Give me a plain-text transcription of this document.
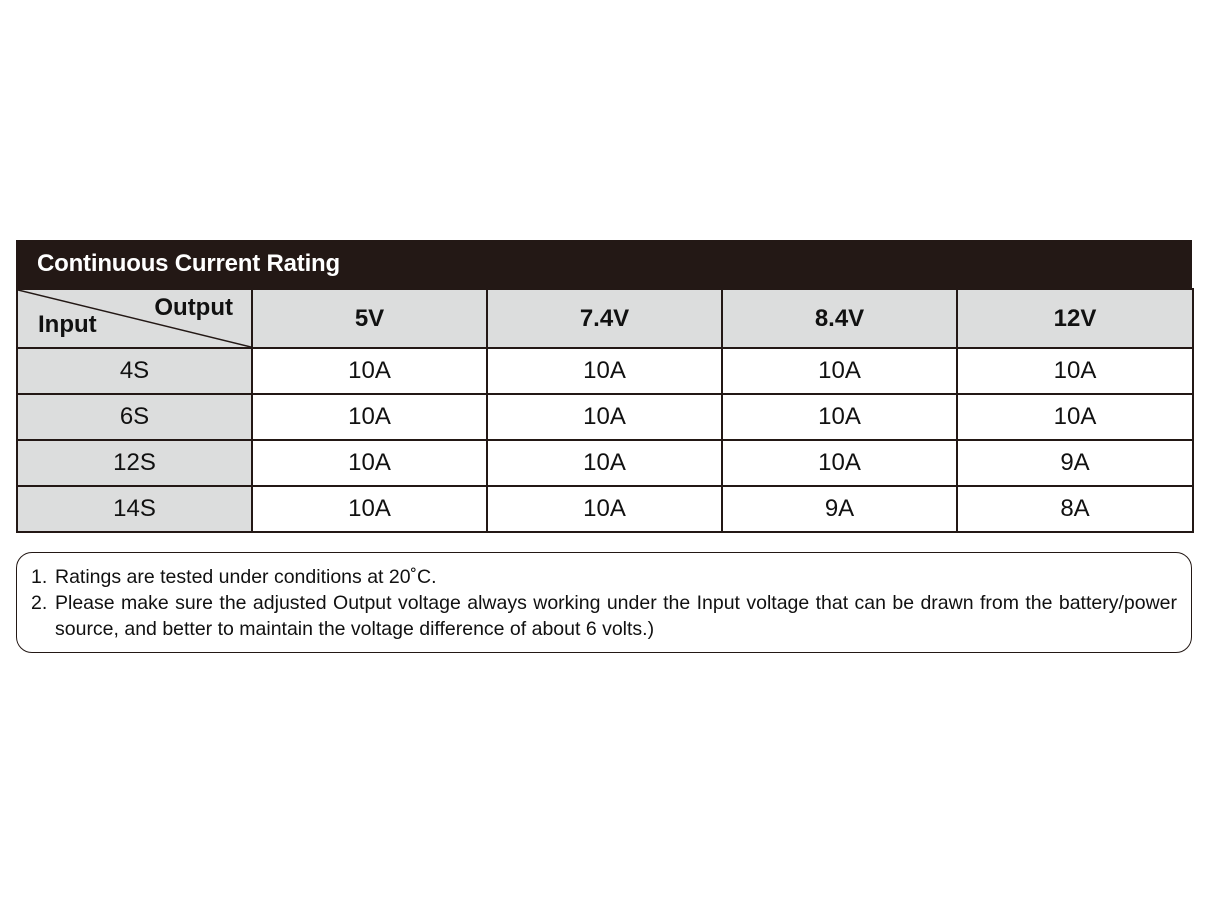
Continuous Current Rating
Output
Input	5V	7.4V	8.4V	12V
4S	10A	10A	10A	10A
6S	10A	10A	10A	10A
12S	10A	10A	10A	9A
14S	10A	10A	9A	8A
1. Ratings are tested under conditions at 20˚C.
2. Please make sure the adjusted Output voltage always working under the Input voltage that can be drawn from the battery/power source, and better to maintain the voltage difference of about 6 volts.)
